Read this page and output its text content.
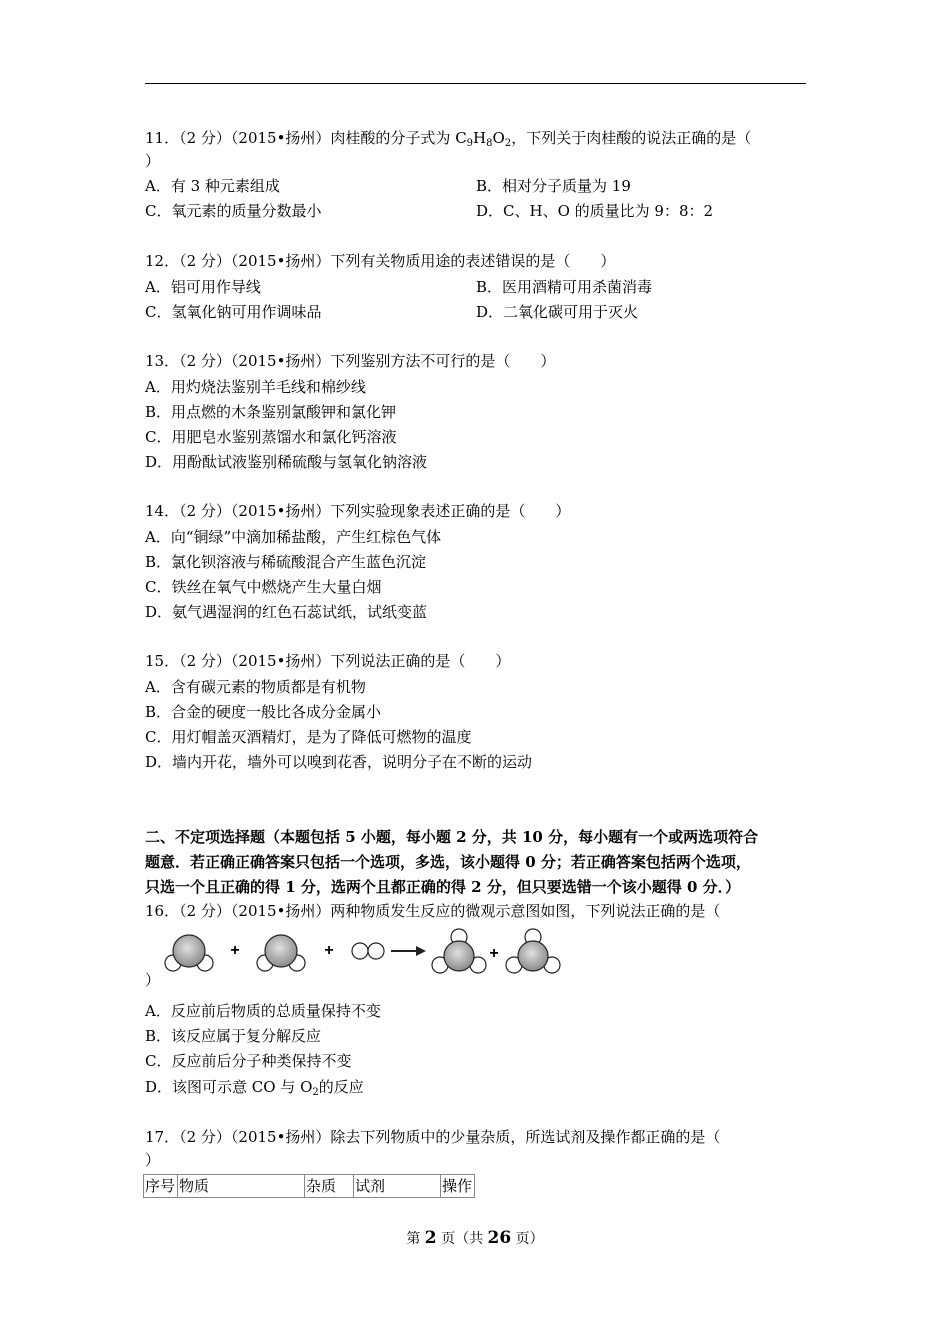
11．（2 分）（2015•扬州）肉桂酸的分子式为 $C_9H_8O_2$，下列关于肉桂酸的说法正确的是（
）
A．有 3 种元素组成	B．相对分子质量为 19
C．氧元素的质量分数最小	D．C、H、O 的质量比为 9：8：2
12．（2 分）（2015•扬州）下列有关物质用途的表述错误的是（　　）
A．铝可用作导线	B．医用酒精可用杀菌消毒
C．氢氧化钠可用作调味品	D．二氧化碳可用于灭火
13．（2 分）（2015•扬州）下列鉴别方法不可行的是（　　）
A．用灼烧法鉴别羊毛线和棉纱线
B．用点燃的木条鉴别氯酸钾和氯化钾
C．用肥皂水鉴别蒸馏水和氯化钙溶液
D．用酚酞试液鉴别稀硫酸与氢氧化钠溶液
14．（2 分）（2015•扬州）下列实验现象表述正确的是（　　）
A．向“铜绿”中滴加稀盐酸，产生红棕色气体
B．氯化钡溶液与稀硫酸混合产生蓝色沉淀
C．铁丝在氧气中燃烧产生大量白烟
D．氨气遇湿润的红色石蕊试纸，试纸变蓝
15．（2 分）（2015•扬州）下列说法正确的是（　　）
A．含有碳元素的物质都是有机物
B．合金的硬度一般比各成分金属小
C．用灯帽盖灭酒精灯，是为了降低可燃物的温度
D．墙内开花，墙外可以嗅到花香，说明分子在不断的运动
二、不定项选择题（本题包括 5 小题，每小题 2 分，共 10 分，每小题有一个或两选项符合
题意．若正确正确答案只包括一个选项，多选，该小题得 0 分；若正确答案包括两个选项，
只选一个且正确的得 1 分，选两个且都正确的得 2 分，但只要选错一个该小题得 0 分．）
16．（2 分）（2015•扬州）两种物质发生反应的微观示意图如图，下列说法正确的是（
+	+	+
）
A．反应前后物质的总质量保持不变
B．该反应属于复分解反应
C．反应前后分子种类保持不变
D．该图可示意 CO 与 $O_2$的反应
17．（2 分）（2015•扬州）除去下列物质中的少量杂质，所选试剂及操作都正确的是（
）
序号	物质	杂质	试剂	操作
第 2 页（共 26 页）
